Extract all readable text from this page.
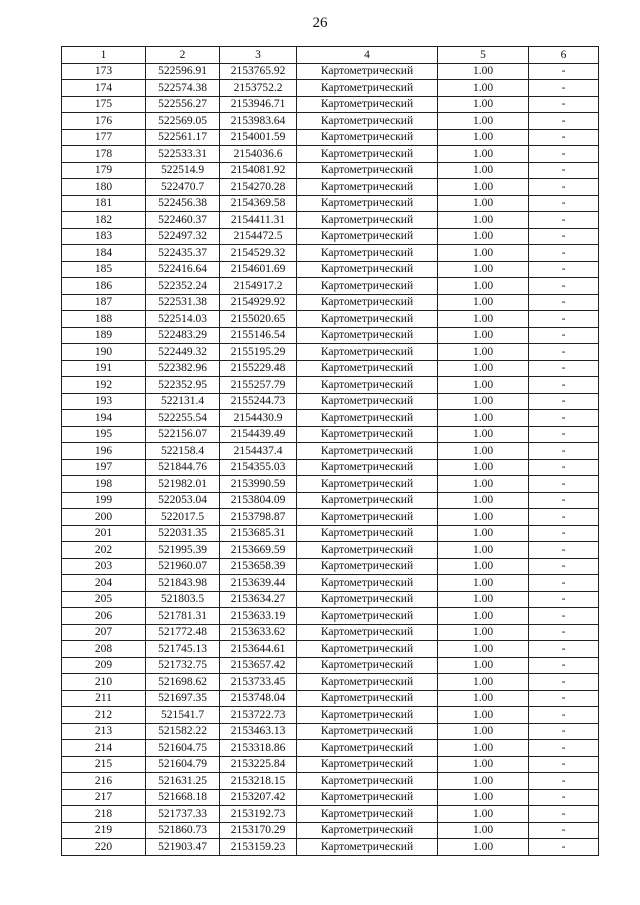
26
1	2	3	4	5	6
173	522596.91	2153765.92	Картометрический	1.00	-
174	522574.38	2153752.2	Картометрический	1.00	-
175	522556.27	2153946.71	Картометрический	1.00	-
176	522569.05	2153983.64	Картометрический	1.00	-
177	522561.17	2154001.59	Картометрический	1.00	-
178	522533.31	2154036.6	Картометрический	1.00	-
179	522514.9	2154081.92	Картометрический	1.00	-
180	522470.7	2154270.28	Картометрический	1.00	-
181	522456.38	2154369.58	Картометрический	1.00	-
182	522460.37	2154411.31	Картометрический	1.00	-
183	522497.32	2154472.5	Картометрический	1.00	-
184	522435.37	2154529.32	Картометрический	1.00	-
185	522416.64	2154601.69	Картометрический	1.00	-
186	522352.24	2154917.2	Картометрический	1.00	-
187	522531.38	2154929.92	Картометрический	1.00	-
188	522514.03	2155020.65	Картометрический	1.00	-
189	522483.29	2155146.54	Картометрический	1.00	-
190	522449.32	2155195.29	Картометрический	1.00	-
191	522382.96	2155229.48	Картометрический	1.00	-
192	522352.95	2155257.79	Картометрический	1.00	-
193	522131.4	2155244.73	Картометрический	1.00	-
194	522255.54	2154430.9	Картометрический	1.00	-
195	522156.07	2154439.49	Картометрический	1.00	-
196	522158.4	2154437.4	Картометрический	1.00	-
197	521844.76	2154355.03	Картометрический	1.00	-
198	521982.01	2153990.59	Картометрический	1.00	-
199	522053.04	2153804.09	Картометрический	1.00	-
200	522017.5	2153798.87	Картометрический	1.00	-
201	522031.35	2153685.31	Картометрический	1.00	-
202	521995.39	2153669.59	Картометрический	1.00	-
203	521960.07	2153658.39	Картометрический	1.00	-
204	521843.98	2153639.44	Картометрический	1.00	-
205	521803.5	2153634.27	Картометрический	1.00	-
206	521781.31	2153633.19	Картометрический	1.00	-
207	521772.48	2153633.62	Картометрический	1.00	-
208	521745.13	2153644.61	Картометрический	1.00	-
209	521732.75	2153657.42	Картометрический	1.00	-
210	521698.62	2153733.45	Картометрический	1.00	-
211	521697.35	2153748.04	Картометрический	1.00	-
212	521541.7	2153722.73	Картометрический	1.00	-
213	521582.22	2153463.13	Картометрический	1.00	-
214	521604.75	2153318.86	Картометрический	1.00	-
215	521604.79	2153225.84	Картометрический	1.00	-
216	521631.25	2153218.15	Картометрический	1.00	-
217	521668.18	2153207.42	Картометрический	1.00	-
218	521737.33	2153192.73	Картометрический	1.00	-
219	521860.73	2153170.29	Картометрический	1.00	-
220	521903.47	2153159.23	Картометрический	1.00	-
